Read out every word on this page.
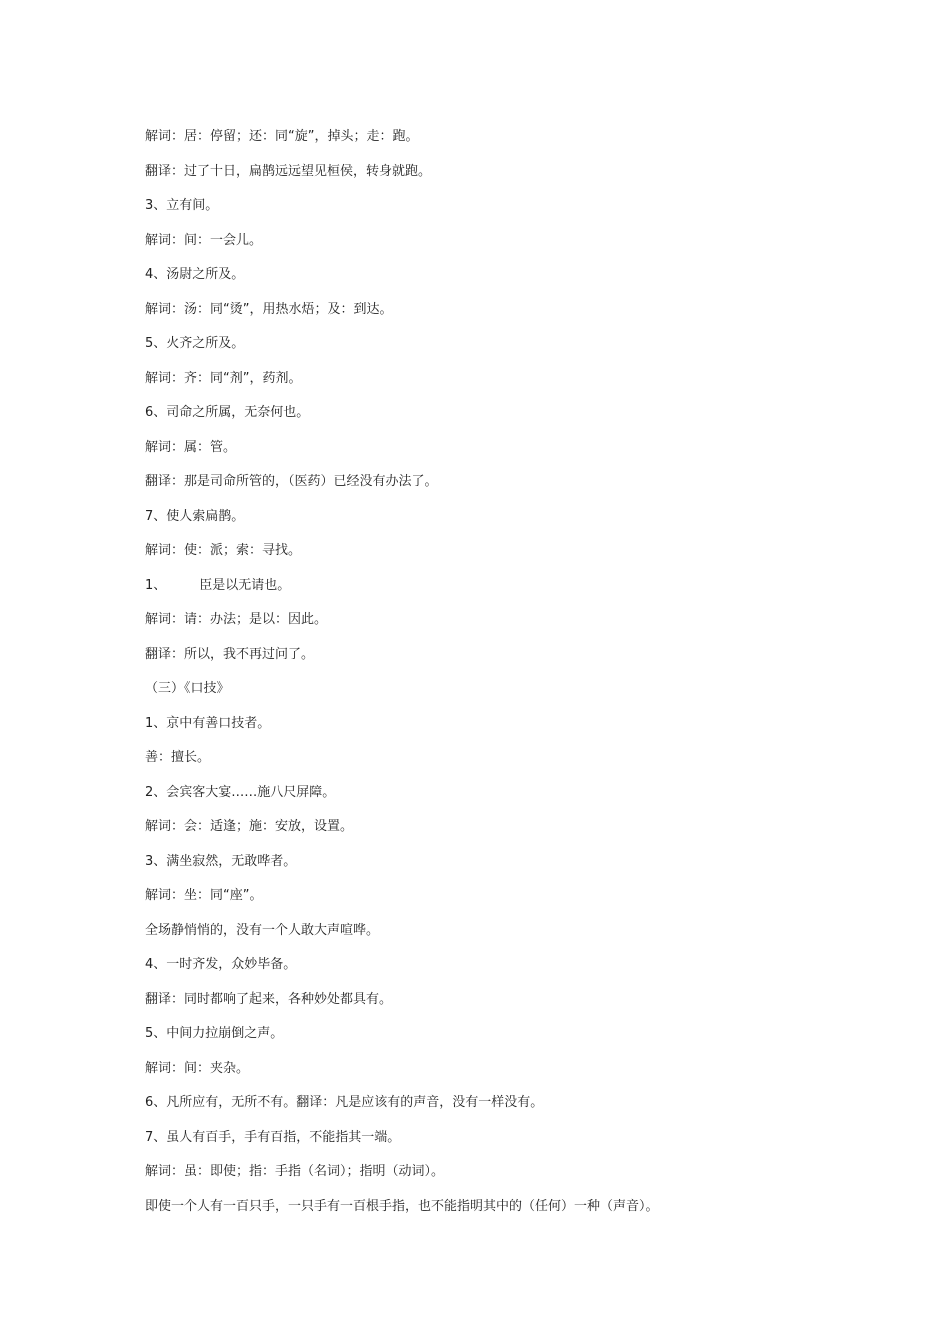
解词：居：停留；还：同“旋”，掉头；走：跑。
翻译：过了十日，扁鹊远远望见桓侯，转身就跑。
3、立有间。
解词：间：一会儿。
4、汤尉之所及。
解词：汤：同“烫”，用热水焐；及：到达。
5、火齐之所及。
解词：齐：同“剂”，药剂。
6、司命之所属，无奈何也。
解词：属：管。
翻译：那是司命所管的，（医药）已经没有办法了。
7、使人索扁鹊。
解词：使：派；索：寻找。
1、	臣是以无请也。
解词：请：办法；是以：因此。
翻译：所以，我不再过问了。
（三）《口技》
1、京中有善口技者。
善：擅长。
2、会宾客大宴……施八尺屏障。
解词：会：适逢；施：安放，设置。
3、满坐寂然，无敢哗者。
解词：坐：同“座”。
全场静悄悄的，没有一个人敢大声喧哗。
4、一时齐发，众妙毕备。
翻译：同时都响了起来，各种妙处都具有。
5、中间力拉崩倒之声。
解词：间：夹杂。
6、凡所应有，无所不有。翻译：凡是应该有的声音，没有一样没有。
7、虽人有百手，手有百指，不能指其一端。
解词：虽：即使；指：手指（名词）；指明（动词）。
即使一个人有一百只手，一只手有一百根手指，也不能指明其中的（任何）一种（声音）。
